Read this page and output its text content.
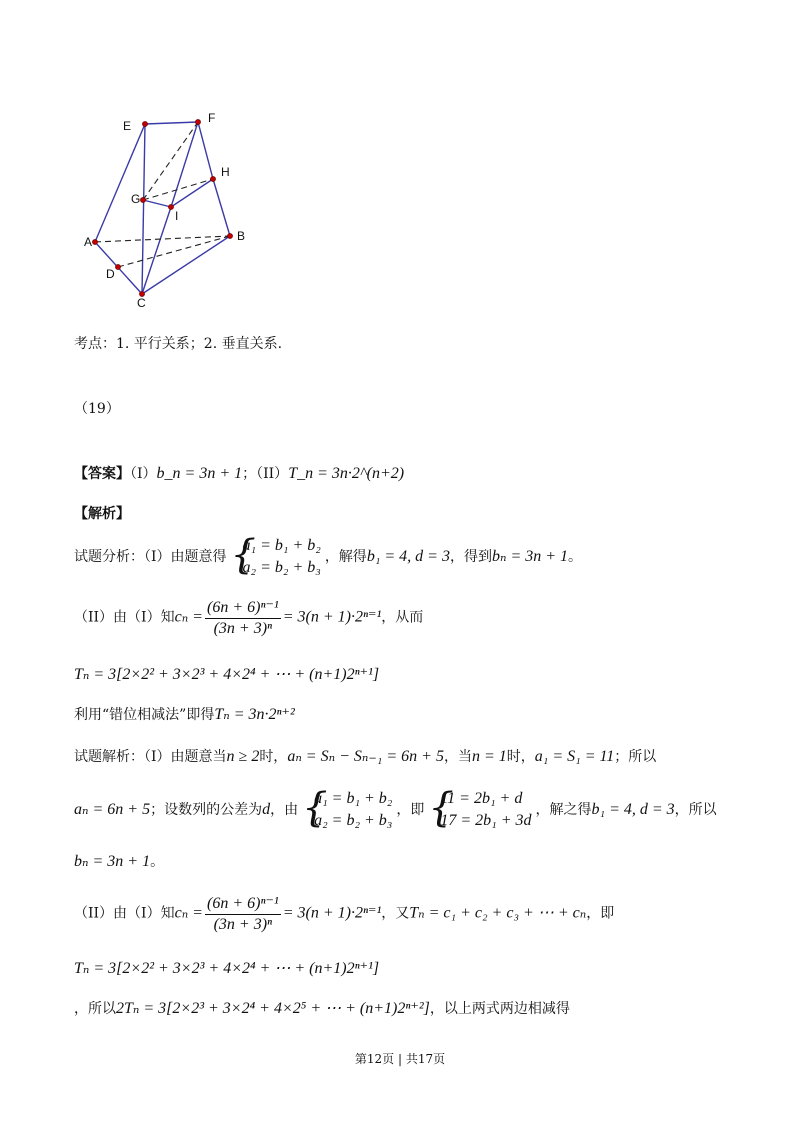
E
F
H
G
I
A	B
D
C
考点：1. 平行关系；2. 垂直关系.
（19）
【答案】（I）b_n = 3n + 1；（II）T_n = 3n·2^(n+2)
【解析】
试题分析：（I）由题意得 {
a₁ = b₁ + b₂
a₂ = b₂ + b₃
，解得b₁ = 4, d = 3，得到bₙ = 3n + 1。
（II）由（I）知$c_n = \frac{\text{(6n + 6)ⁿ⁻¹}}{\text{(3n + 3)ⁿ}} = 3(n + 1)\cdot 2^{n=1}$，从而
Tₙ = 3[2×2² + 3×2³ + 4×2⁴ + ⋯ + (n+1)2ⁿ⁺¹]
利用“错位相减法”即得Tₙ = 3n·2ⁿ⁺²
试题解析：（I）由题意当n ≥ 2时，aₙ = Sₙ − Sₙ₋₁ = 6n + 5，当n = 1时，a₁ = S₁ = 11；所以
aₙ = 6n + 5；设数列的公差为d，由 {
a₁ = b₁ + b₂
a₂ = b₂ + b₃
，即 {
11 = 2b₁ + d
17 = 2b₁ + 3d
，解之得b₁ = 4, d = 3，所以
bₙ = 3n + 1。
（II）由（I）知$c_n = \frac{\text{(6n + 6)ⁿ⁻¹}}{\text{(3n + 3)ⁿ}} = 3(n + 1)\cdot 2^{n=1}$，又Tₙ = c₁ + c₂ + c₃ + ⋯ + cₙ，即
Tₙ = 3[2×2² + 3×2³ + 4×2⁴ + ⋯ + (n+1)2ⁿ⁺¹]
，所以2Tₙ = 3[2×2³ + 3×2⁴ + 4×2⁵ + ⋯ + (n+1)2ⁿ⁺²]，以上两式两边相减得
第12页 | 共17页
